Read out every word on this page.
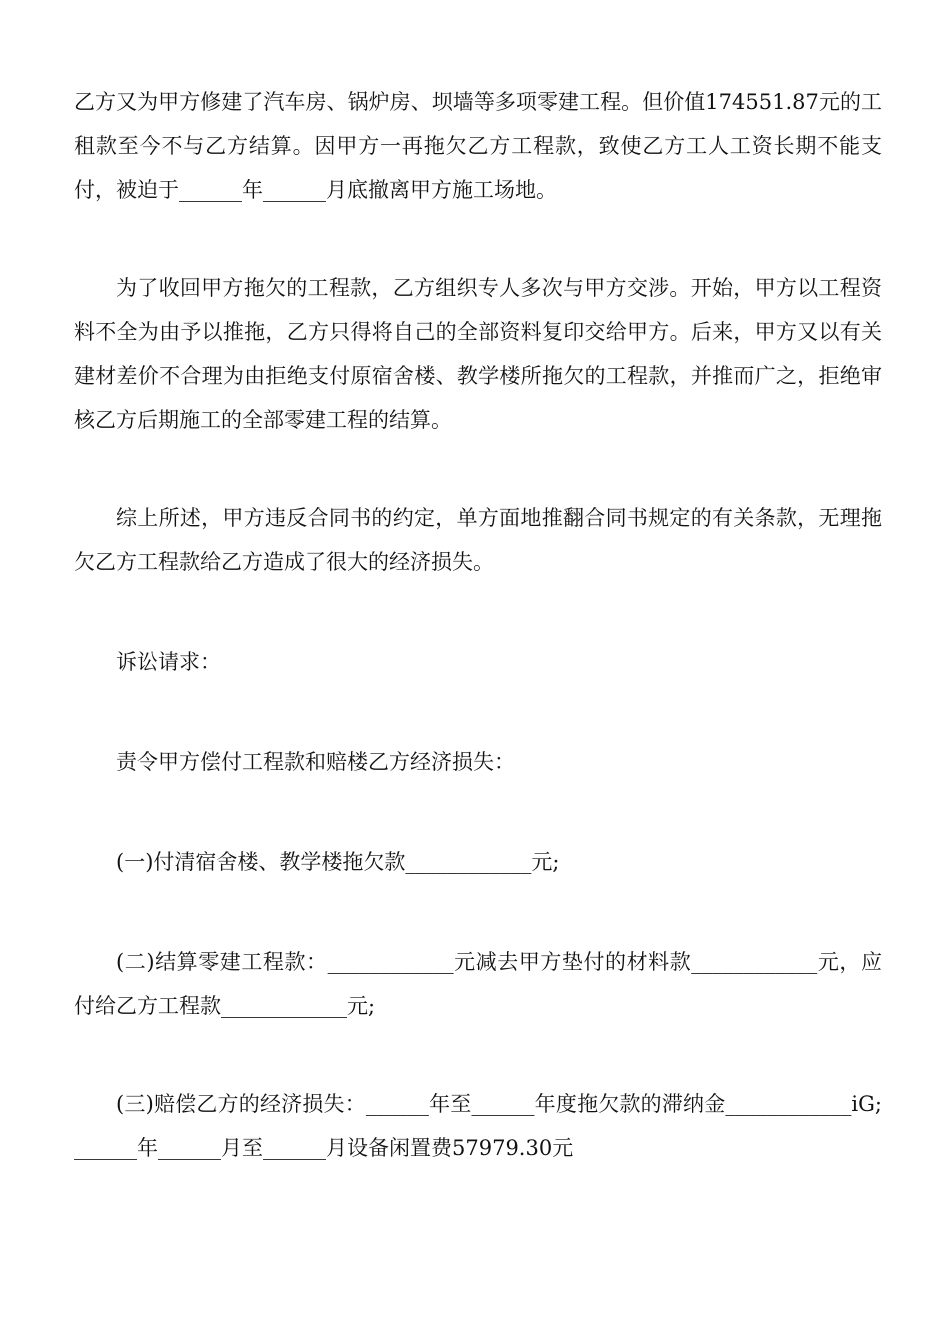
乙方又为甲方修建了汽车房、锅炉房、坝墙等多项零建工程。但价值174551.87元的工租款至今不与乙方结算。因甲方一再拖欠乙方工程款，致使乙方工人工资长期不能支付，被迫于______年______月底撤离甲方施工场地。

为了收回甲方拖欠的工程款，乙方组织专人多次与甲方交涉。开始，甲方以工程资料不全为由予以推拖，乙方只得将自己的全部资料复印交给甲方。后来，甲方又以有关建材差价不合理为由拒绝支付原宿舍楼、教学楼所拖欠的工程款，并推而广之，拒绝审核乙方后期施工的全部零建工程的结算。

综上所述，甲方违反合同书的约定，单方面地推翻合同书规定的有关条款，无理拖欠乙方工程款给乙方造成了很大的经济损失。

诉讼请求：

责令甲方偿付工程款和赔楼乙方经济损失：

(一)付清宿舍楼、教学楼拖欠款____________元;

(二)结算零建工程款：____________元减去甲方垫付的材料款____________元，应付给乙方工程款____________元;

(三)赔偿乙方的经济损失：______年至______年度拖欠款的滞纳金____________iG;______年______月至______月设备闲置费57979.30元
